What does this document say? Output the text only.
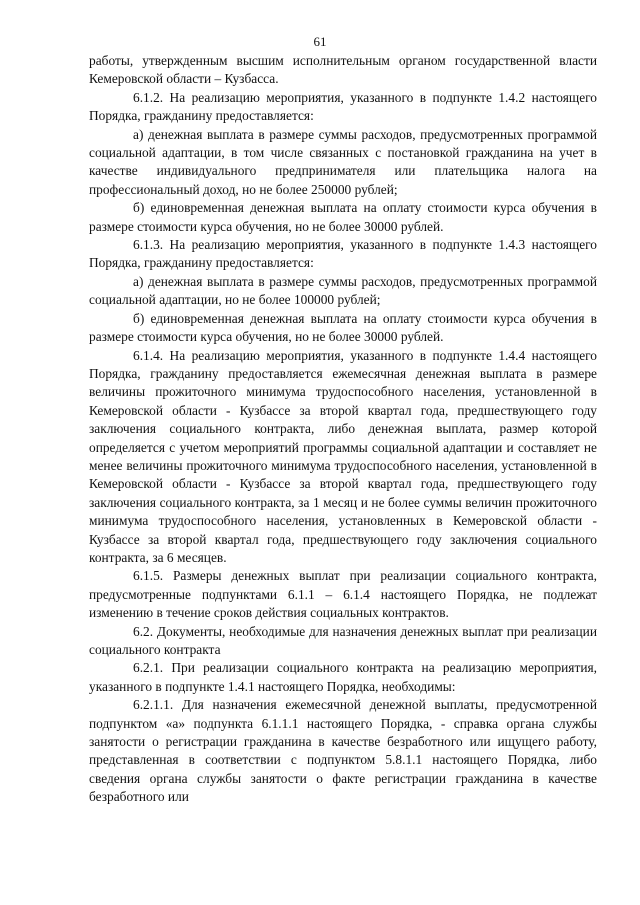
61

работы, утвержденным высшим исполнительным органом государственной власти Кемеровской области – Кузбасса.

6.1.2. На реализацию мероприятия, указанного в подпункте 1.4.2 настоящего Порядка, гражданину предоставляется:

а) денежная выплата в размере суммы расходов, предусмотренных программой социальной адаптации, в том числе связанных с постановкой гражданина на учет в качестве индивидуального предпринимателя или плательщика налога на профессиональный доход, но не более 250000 рублей;

б) единовременная денежная выплата на оплату стоимости курса обучения в размере стоимости курса обучения, но не более 30000 рублей.

6.1.3. На реализацию мероприятия, указанного в подпункте 1.4.3 настоящего Порядка, гражданину предоставляется:

а) денежная выплата в размере суммы расходов, предусмотренных программой социальной адаптации, но не более 100000 рублей;

б) единовременная денежная выплата на оплату стоимости курса обучения в размере стоимости курса обучения, но не более 30000 рублей.

6.1.4. На реализацию мероприятия, указанного в подпункте 1.4.4 настоящего Порядка, гражданину предоставляется ежемесячная денежная выплата в размере величины прожиточного минимума трудоспособного населения, установленной в Кемеровской области - Кузбассе за второй квартал года, предшествующего году заключения социального контракта, либо денежная выплата, размер которой определяется с учетом мероприятий программы социальной адаптации и составляет не менее величины прожиточного минимума трудоспособного населения, установленной в Кемеровской области - Кузбассе за второй квартал года, предшествующего году заключения социального контракта, за 1 месяц и не более суммы величин прожиточного минимума трудоспособного населения, установленных в Кемеровской области - Кузбассе за второй квартал года, предшествующего году заключения социального контракта, за 6 месяцев.

6.1.5. Размеры денежных выплат при реализации социального контракта, предусмотренные подпунктами 6.1.1 – 6.1.4 настоящего Порядка, не подлежат изменению в течение сроков действия социальных контрактов.

6.2. Документы, необходимые для назначения денежных выплат при реализации социального контракта

6.2.1. При реализации социального контракта на реализацию мероприятия, указанного в подпункте 1.4.1 настоящего Порядка, необходимы:

6.2.1.1. Для назначения ежемесячной денежной выплаты, предусмотренной подпунктом «а» подпункта 6.1.1.1 настоящего Порядка, - справка органа службы занятости о регистрации гражданина в качестве безработного или ищущего работу, представленная в соответствии с подпунктом 5.8.1.1 настоящего Порядка, либо сведения органа службы занятости о факте регистрации гражданина в качестве безработного или
